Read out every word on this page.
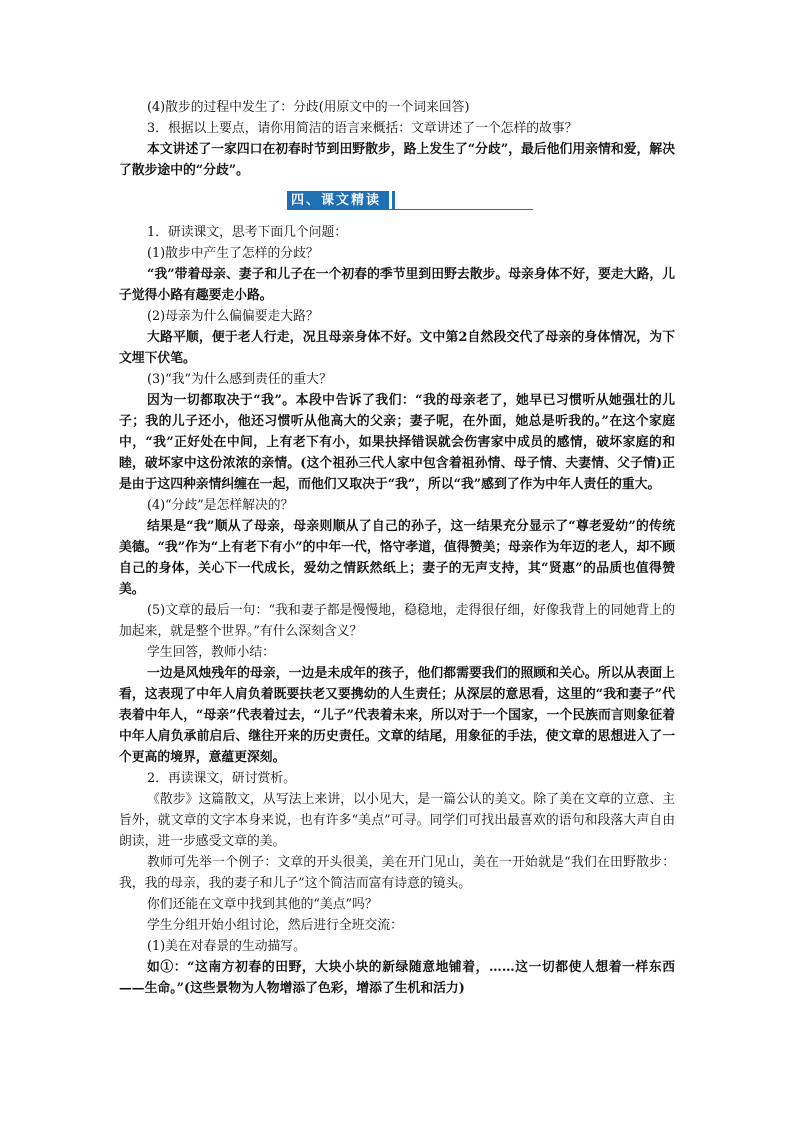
(4)散步的过程中发生了：分歧(用原文中的一个词来回答)

3．根据以上要点，请你用简洁的语言来概括：文章讲述了一个怎样的故事？

本文讲述了一家四口在初春时节到田野散步，路上发生了“分歧”，最后他们用亲情和爱，解决了散步途中的“分歧”。

四、课文精读

1．研读课文，思考下面几个问题：

(1)散步中产生了怎样的分歧？

“我”带着母亲、妻子和儿子在一个初春的季节里到田野去散步。母亲身体不好，要走大路，儿子觉得小路有趣要走小路。

(2)母亲为什么偏偏要走大路？

大路平顺，便于老人行走，况且母亲身体不好。文中第2自然段交代了母亲的身体情况，为下文埋下伏笔。

(3)“我”为什么感到责任的重大？

因为一切都取决于“我”。本段中告诉了我们：“我的母亲老了，她早已习惯听从她强壮的儿子；我的儿子还小，他还习惯听从他高大的父亲；妻子呢，在外面，她总是听我的。”在这个家庭中，“我”正好处在中间，上有老下有小，如果抉择错误就会伤害家中成员的感情，破坏家庭的和睦，破坏家中这份浓浓的亲情。(这个祖孙三代人家中包含着祖孙情、母子情、夫妻情、父子情)正是由于这四种亲情纠缠在一起，而他们又取决于“我”，所以“我”感到了作为中年人责任的重大。

(4)“分歧”是怎样解决的？

结果是“我”顺从了母亲，母亲则顺从了自己的孙子，这一结果充分显示了“尊老爱幼”的传统美德。“我”作为“上有老下有小”的中年一代，恪守孝道，值得赞美；母亲作为年迈的老人，却不顾自己的身体，关心下一代成长，爱幼之情跃然纸上；妻子的无声支持，其“贤惠”的品质也值得赞美。

(5)文章的最后一句：“我和妻子都是慢慢地，稳稳地，走得很仔细，好像我背上的同她背上的加起来，就是整个世界。”有什么深刻含义？

学生回答，教师小结：

一边是风烛残年的母亲，一边是未成年的孩子，他们都需要我们的照顾和关心。所以从表面上看，这表现了中年人肩负着既要扶老又要携幼的人生责任；从深层的意思看，这里的“我和妻子”代表着中年人，“母亲”代表着过去，“儿子”代表着未来，所以对于一个国家，一个民族而言则象征着中年人肩负承前启后、继往开来的历史责任。文章的结尾，用象征的手法，使文章的思想进入了一个更高的境界，意蕴更深刻。

2．再读课文，研讨赏析。

《散步》这篇散文，从写法上来讲，以小见大，是一篇公认的美文。除了美在文章的立意、主旨外，就文章的文字本身来说，也有许多“美点”可寻。同学们可找出最喜欢的语句和段落大声自由朗读，进一步感受文章的美。

教师可先举一个例子：文章的开头很美，美在开门见山，美在一开始就是“我们在田野散步：我，我的母亲，我的妻子和儿子”这个简洁而富有诗意的镜头。

你们还能在文章中找到其他的“美点”吗？

学生分组开始小组讨论，然后进行全班交流：

(1)美在对春景的生动描写。

如①：“这南方初春的田野，大块小块的新绿随意地铺着，……这一切都使人想着一样东西——生命。”(这些景物为人物增添了色彩，增添了生机和活力)
